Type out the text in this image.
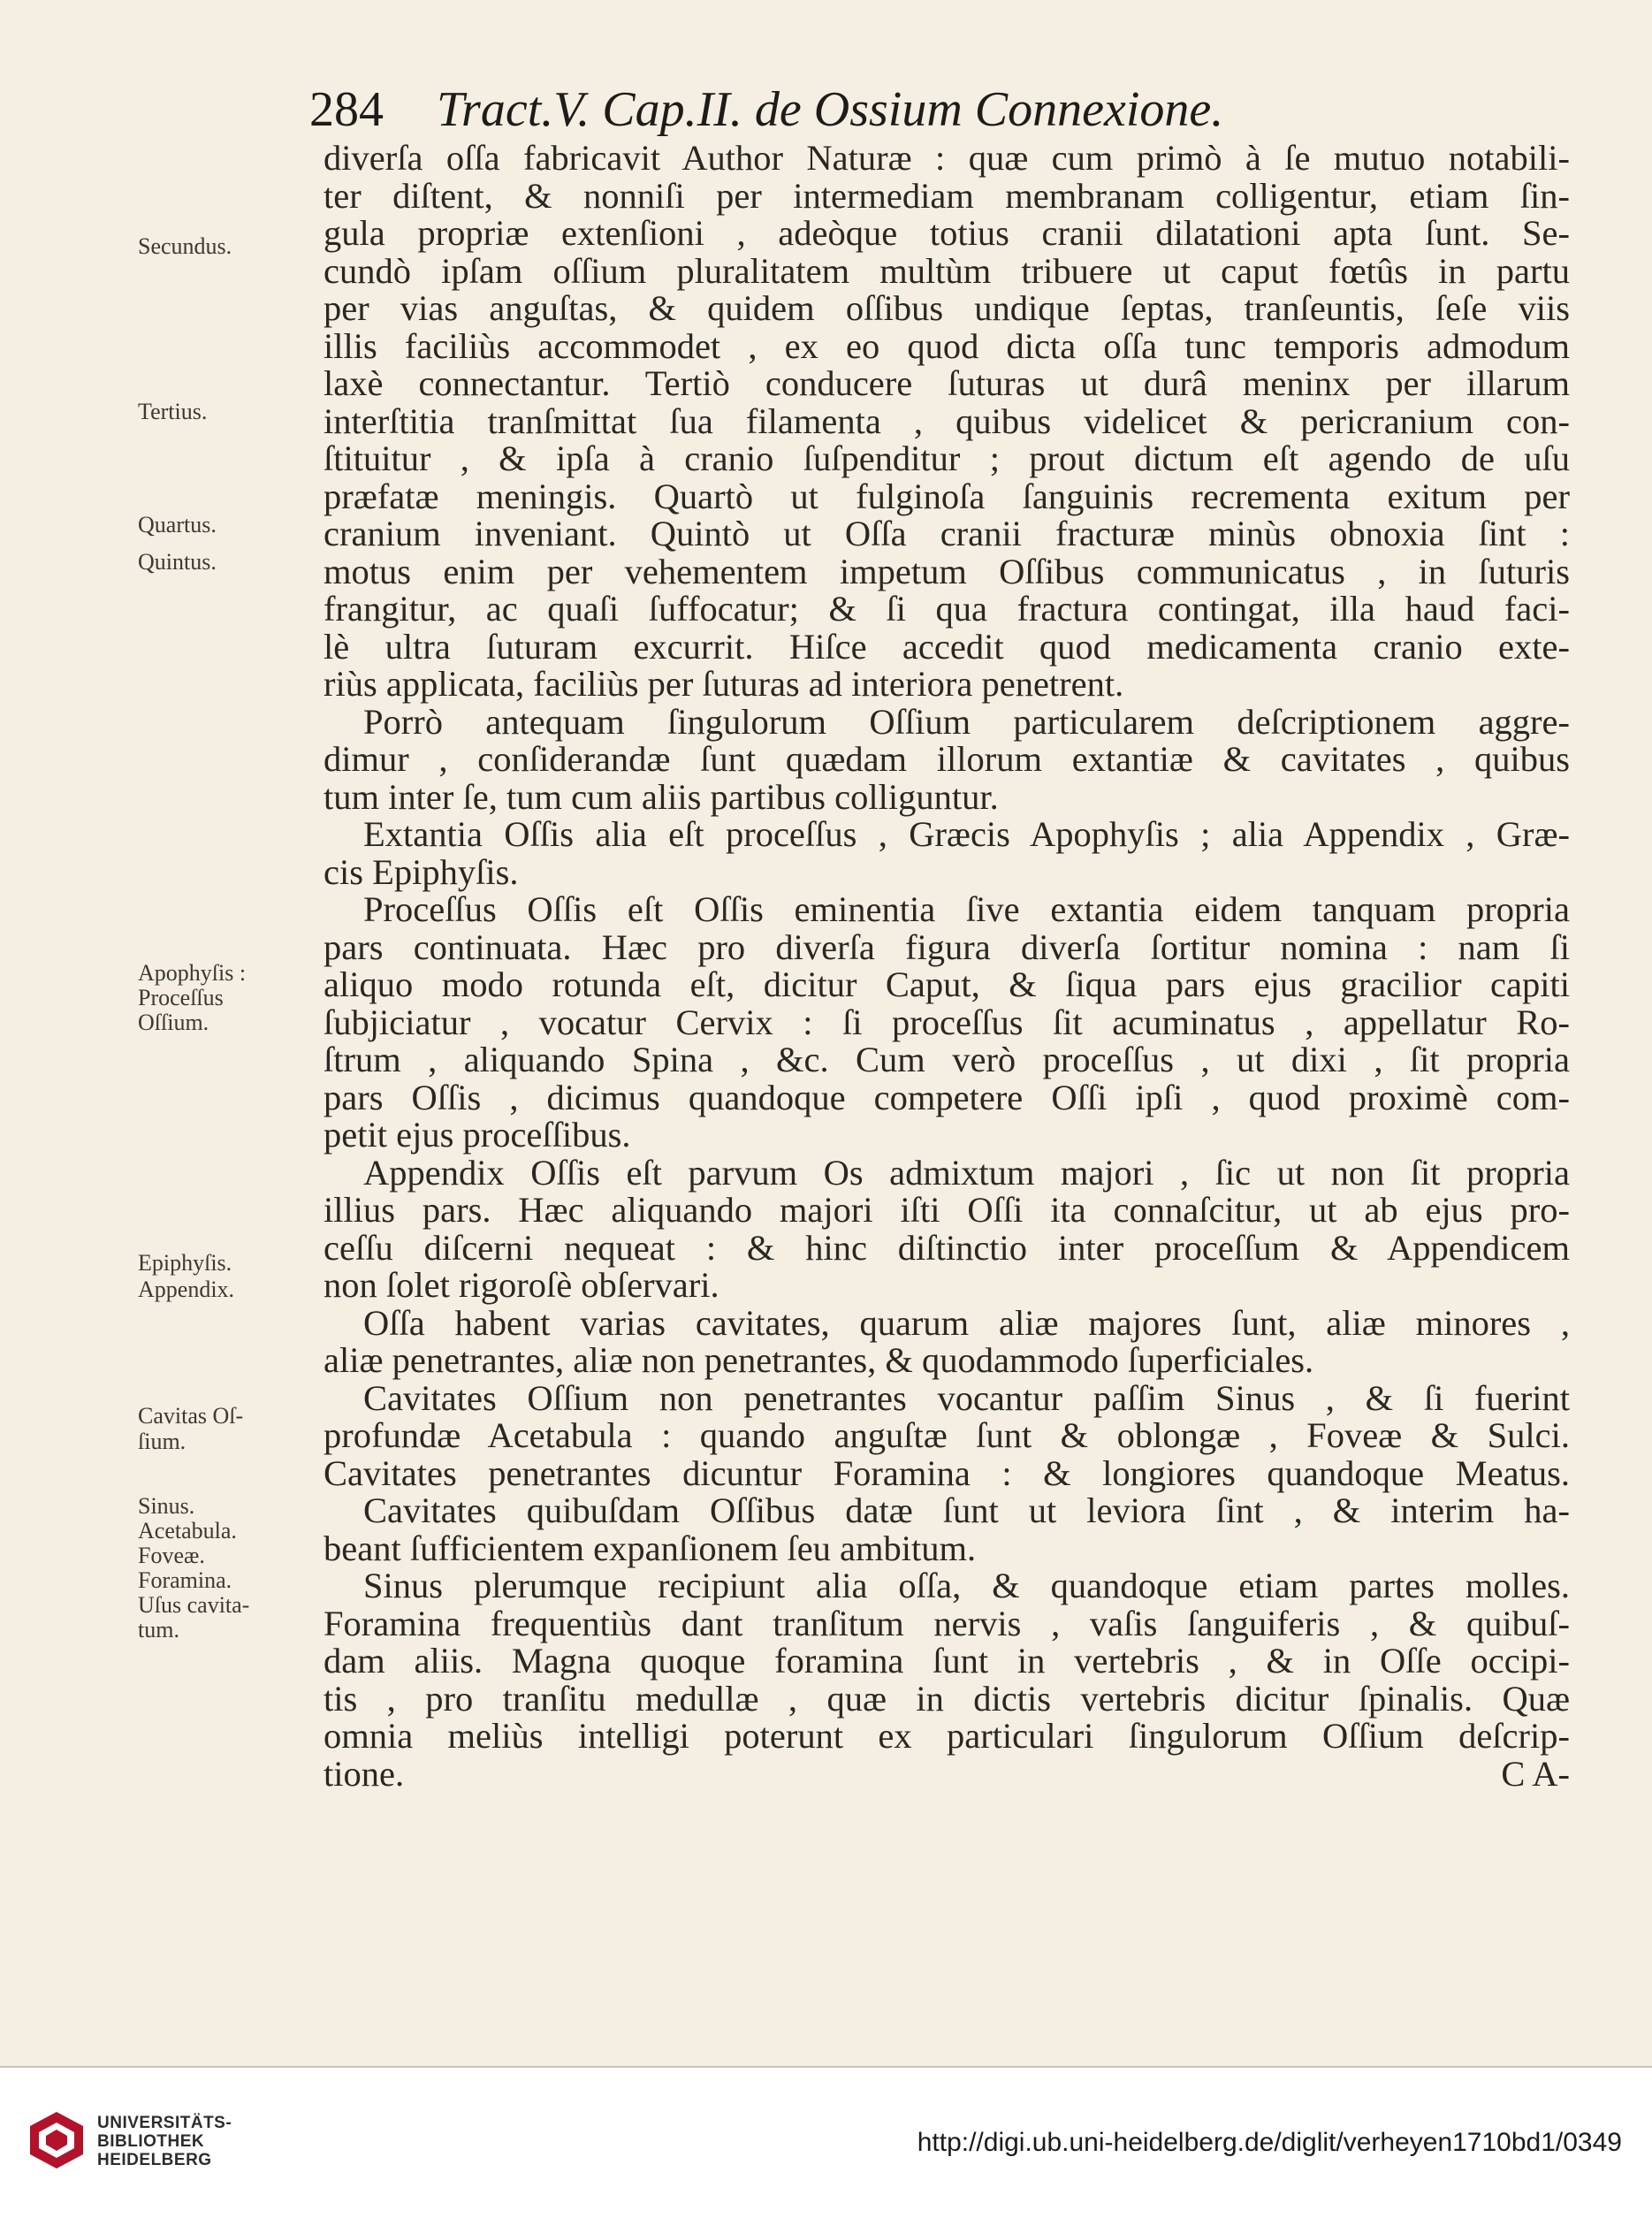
284 Tract.V. Cap.II. de Ossium Connexione.
diverſa oſſa fabricavit Author Naturæ : quæ cum primò à ſe mutuo notabili-
ter diſtent, & nonniſi per intermediam membranam colligentur, etiam ſin-
gula propriæ extenſioni , adeòque totius cranii dilatationi apta ſunt. Se-
cundò ipſam oſſium pluralitatem multùm tribuere ut caput fœtûs in partu
per vias anguſtas, & quidem oſſibus undique ſeptas, tranſeuntis, ſeſe viis
illis faciliùs accommodet , ex eo quod dicta oſſa tunc temporis admodum
laxè connectantur. Tertiò conducere ſuturas ut durâ meninx per illarum
interſtitia tranſmittat ſua filamenta , quibus videlicet & pericranium con-
ſtituitur , & ipſa à cranio ſuſpenditur ; prout dictum eſt agendo de uſu
præfatæ meningis. Quartò ut fulginoſa ſanguinis recrementa exitum per
cranium inveniant. Quintò ut Oſſa cranii fracturæ minùs obnoxia ſint :
motus enim per vehementem impetum Oſſibus communicatus , in ſuturis
frangitur, ac quaſi ſuffocatur; & ſi qua fractura contingat, illa haud faci-
lè ultra ſuturam excurrit. Hiſce accedit quod medicamenta cranio exte-
riùs applicata, faciliùs per ſuturas ad interiora penetrent.
Porrò antequam ſingulorum Oſſium particularem deſcriptionem aggre-
dimur , conſiderandæ ſunt quædam illorum extantiæ & cavitates , quibus
tum inter ſe, tum cum aliis partibus colliguntur.
Extantia Oſſis alia eſt proceſſus , Græcis Apophyſis ; alia Appendix , Græ-
cis Epiphyſis.
Proceſſus Oſſis eſt Oſſis eminentia ſive extantia eidem tanquam propria
pars continuata. Hæc pro diverſa figura diverſa ſortitur nomina : nam ſi
aliquo modo rotunda eſt, dicitur Caput, & ſiqua pars ejus gracilior capiti
ſubjiciatur , vocatur Cervix : ſi proceſſus ſit acuminatus , appellatur Ro-
ſtrum , aliquando Spina , &c. Cum verò proceſſus , ut dixi , ſit propria
pars Oſſis , dicimus quandoque competere Oſſi ipſi , quod proximè com-
petit ejus proceſſibus.
Appendix Oſſis eſt parvum Os admixtum majori , ſic ut non ſit propria
illius pars. Hæc aliquando majori iſti Oſſi ita connaſcitur, ut ab ejus pro-
ceſſu diſcerni nequeat : & hinc diſtinctio inter proceſſum & Appendicem
non ſolet rigoroſè obſervari.
Oſſa habent varias cavitates, quarum aliæ majores ſunt, aliæ minores ,
aliæ penetrantes, aliæ non penetrantes, & quodammodo ſuperficiales.
Cavitates Oſſium non penetrantes vocantur paſſim Sinus , & ſi fuerint
profundæ Acetabula : quando anguſtæ ſunt & oblongæ , Foveæ & Sulci.
Cavitates penetrantes dicuntur Foramina : & longiores quandoque Meatus.
Cavitates quibuſdam Oſſibus datæ ſunt ut leviora ſint , & interim ha-
beant ſufficientem expanſionem ſeu ambitum.
Sinus plerumque recipiunt alia oſſa, & quandoque etiam partes molles.
Foramina frequentiùs dant tranſitum nervis , vaſis ſanguiferis , & quibuſ-
dam aliis. Magna quoque foramina ſunt in vertebris , & in Oſſe occipi-
tis , pro tranſitu medullæ , quæ in dictis vertebris dicitur ſpinalis. Quæ
omnia meliùs intelligi poterunt ex particulari ſingulorum Oſſium deſcrip-
tione.	C A-
Secundus.
Tertius.
Quartus.
Quintus.
Apophyſis :
Proceſſus
Oſſium.
Epiphyſis.
Appendix.
Cavitas Oſ-
ſium.
Sinus.
Acetabula.
Foveæ.
Foramina.
Uſus cavita-
tum.
UNIVERSITÄTS-
BIBLIOTHEK
HEIDELBERG
http://digi.ub.uni-heidelberg.de/diglit/verheyen1710bd1/0349
